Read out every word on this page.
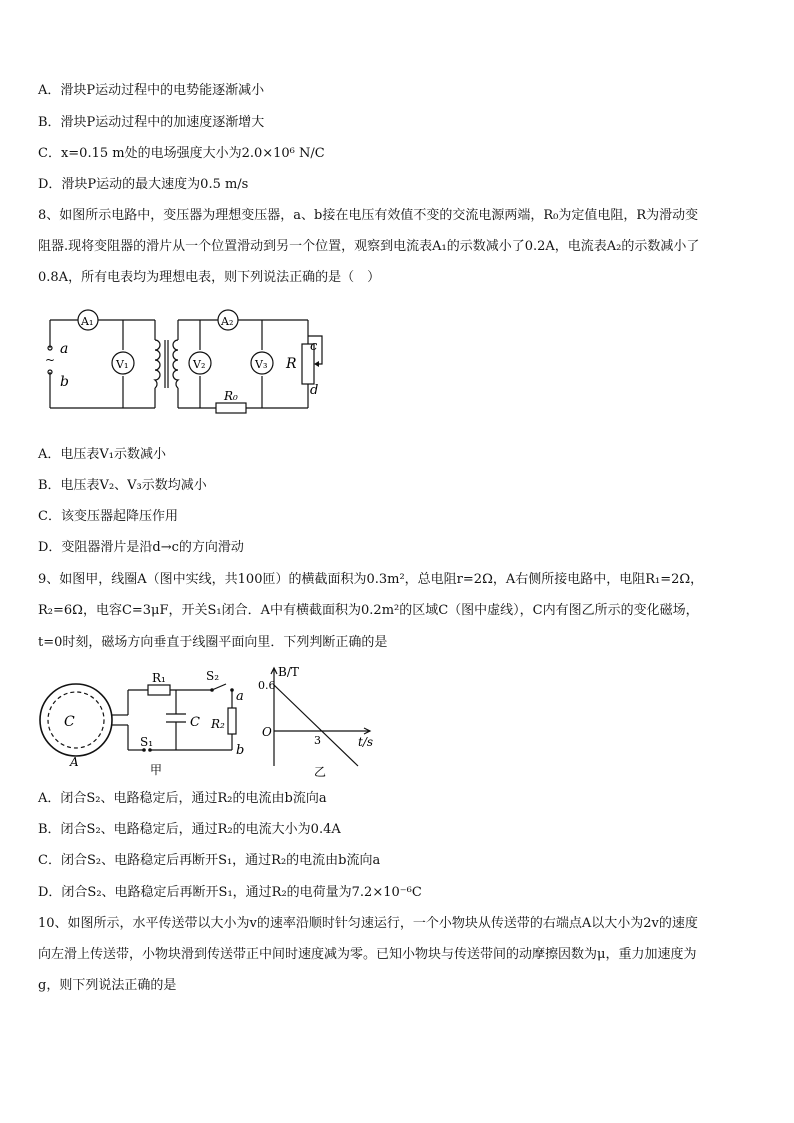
A．滑块P运动过程中的电势能逐渐减小
B．滑块P运动过程中的加速度逐渐增大
C．x=0.15 m处的电场强度大小为2.0×10⁶ N/C
D．滑块P运动的最大速度为0.5 m/s
8、如图所示电路中，变压器为理想变压器，a、b接在电压有效值不变的交流电源两端，R₀为定值电阻，R为滑动变
阻器.现将变阻器的滑片从一个位置滑动到另一个位置，观察到电流表A₁的示数减小了0.2A，电流表A₂的示数减小了
0.8A，所有电表均为理想电表，则下列说法正确的是（　）
a
~
b
A₁	A₂
V₁	V₂	V₃
R₀
R
c
d
A．电压表V₁示数减小
B．电压表V₂、V₃示数均减小
C．该变压器起降压作用
D．变阻器滑片是沿d→c的方向滑动
9、如图甲，线圈A（图中实线，共100匝）的横截面积为0.3m²，总电阻r=2Ω，A右侧所接电路中，电阻R₁=2Ω，
R₂=6Ω，电容C=3μF，开关S₁闭合．A中有横截面积为0.2m²的区域C（图中虚线），C内有图乙所示的变化磁场，
t=0时刻，磁场方向垂直于线圈平面向里．下列判断正确的是
C
A
R₁	S₂
a
C R₂
S₁
b
甲
B/T
0.6
O
3	t/s
乙
A．闭合S₂、电路稳定后，通过R₂的电流由b流向a
B．闭合S₂、电路稳定后，通过R₂的电流大小为0.4A
C．闭合S₂、电路稳定后再断开S₁，通过R₂的电流由b流向a
D．闭合S₂、电路稳定后再断开S₁，通过R₂的电荷量为7.2×10⁻⁶C
10、如图所示，水平传送带以大小为v的速率沿顺时针匀速运行，一个小物块从传送带的右端点A以大小为2v的速度
向左滑上传送带，小物块滑到传送带正中间时速度减为零。已知小物块与传送带间的动摩擦因数为μ，重力加速度为
g，则下列说法正确的是
